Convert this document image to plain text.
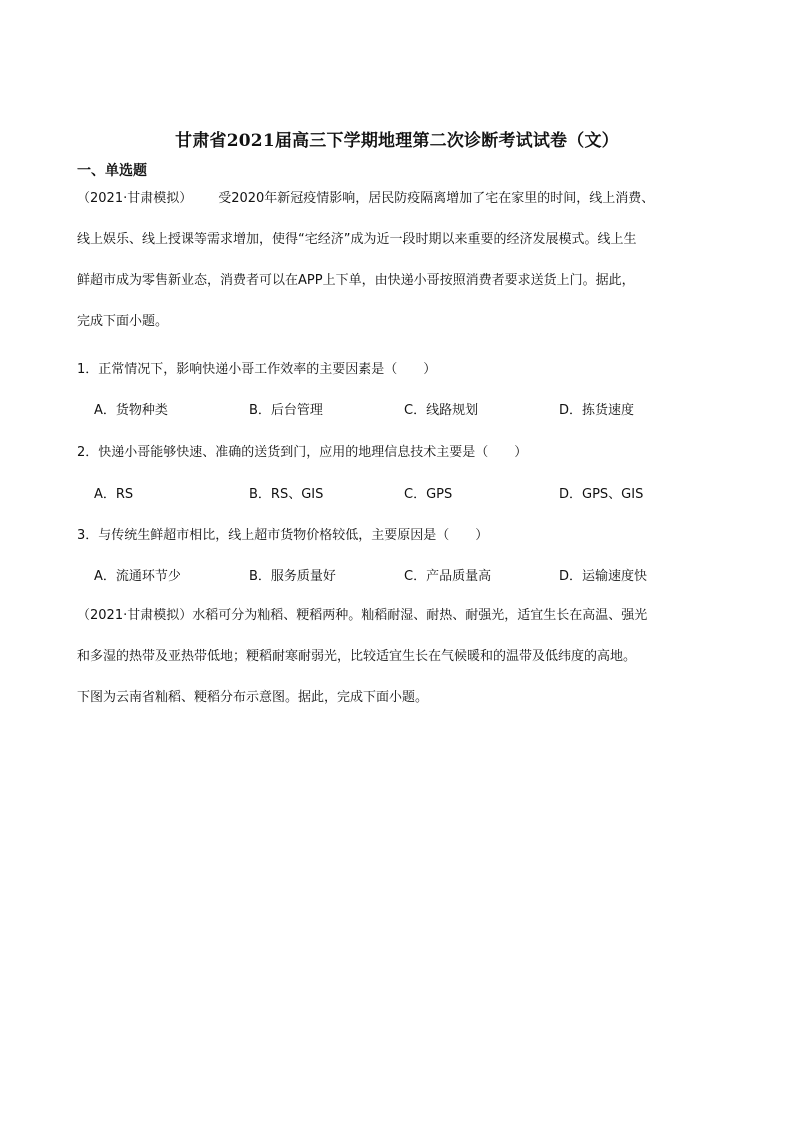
甘肃省2021届高三下学期地理第二次诊断考试试卷（文）
一、单选题
（2021·甘肃模拟） 受2020年新冠疫情影响，居民防疫隔离增加了宅在家里的时间，线上消费、
线上娱乐、线上授课等需求增加，使得“宅经济”成为近一段时期以来重要的经济发展模式。线上生
鲜超市成为零售新业态，消费者可以在APP上下单，由快递小哥按照消费者要求送货上门。据此，
完成下面小题。
1．正常情况下，影响快递小哥工作效率的主要因素是（　　）
A．货物种类	B．后台管理	C．线路规划	D．拣货速度
2．快递小哥能够快速、准确的送货到门，应用的地理信息技术主要是（　　）
A．RS	B．RS、GIS	C．GPS	D．GPS、GIS
3．与传统生鲜超市相比，线上超市货物价格较低，主要原因是（　　）
A．流通环节少	B．服务质量好	C．产品质量高	D．运输速度快
（2021·甘肃模拟）水稻可分为籼稻、粳稻两种。籼稻耐湿、耐热、耐强光，适宜生长在高温、强光
和多湿的热带及亚热带低地；粳稻耐寒耐弱光，比较适宜生长在气候暖和的温带及低纬度的高地。
下图为云南省籼稻、粳稻分布示意图。据此，完成下面小题。
